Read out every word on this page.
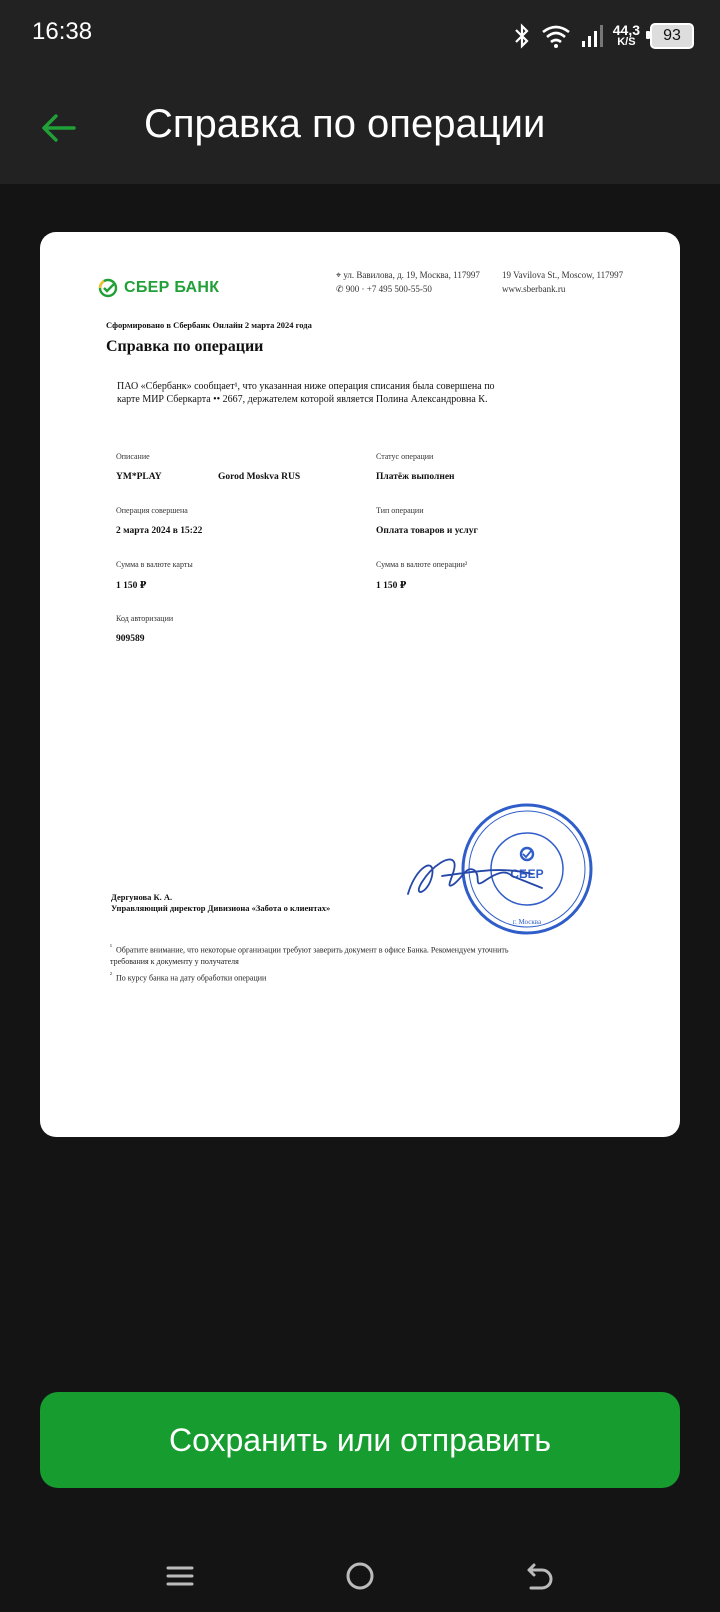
16:38	44,3
K/S 93
Справка по операции
СБЕР БАНК
⌖ ул. Вавилова, д. 19, Москва, 117997
✆ 900 · +7 495 500-55-50
19 Vavilova St., Moscow, 117997
www.sberbank.ru
Сформировано в Сбербанк Онлайн 2 марта 2024 года
Справка по операции
ПАО «Сбербанк» сообщает¹, что указанная ниже операция списания была совершена по карте МИР Сберкарта •• 2667, держателем которой является Полина Александровна К.
Описание
YM*PLAY	Gorod Moskva RUS
Статус операции
Платёж выполнен
Операция совершена
2 марта 2024 в 15:22
Тип операции
Оплата товаров и услуг
Сумма в валюте карты
1 150 ₽
Сумма в валюте операции²
1 150 ₽
Код авторизации
909589
СБЕР
г. Москва
Дергунова К. А.
Управляющий директор Дивизиона «Забота о клиентах»
$^{^1}$ Обратите внимание, что некоторые организации требуют заверить документ в офисе Банка. Рекомендуем уточнить требования к документу у получателя
$^{^2}$ По курсу банка на дату обработки операции
Сохранить или отправить
